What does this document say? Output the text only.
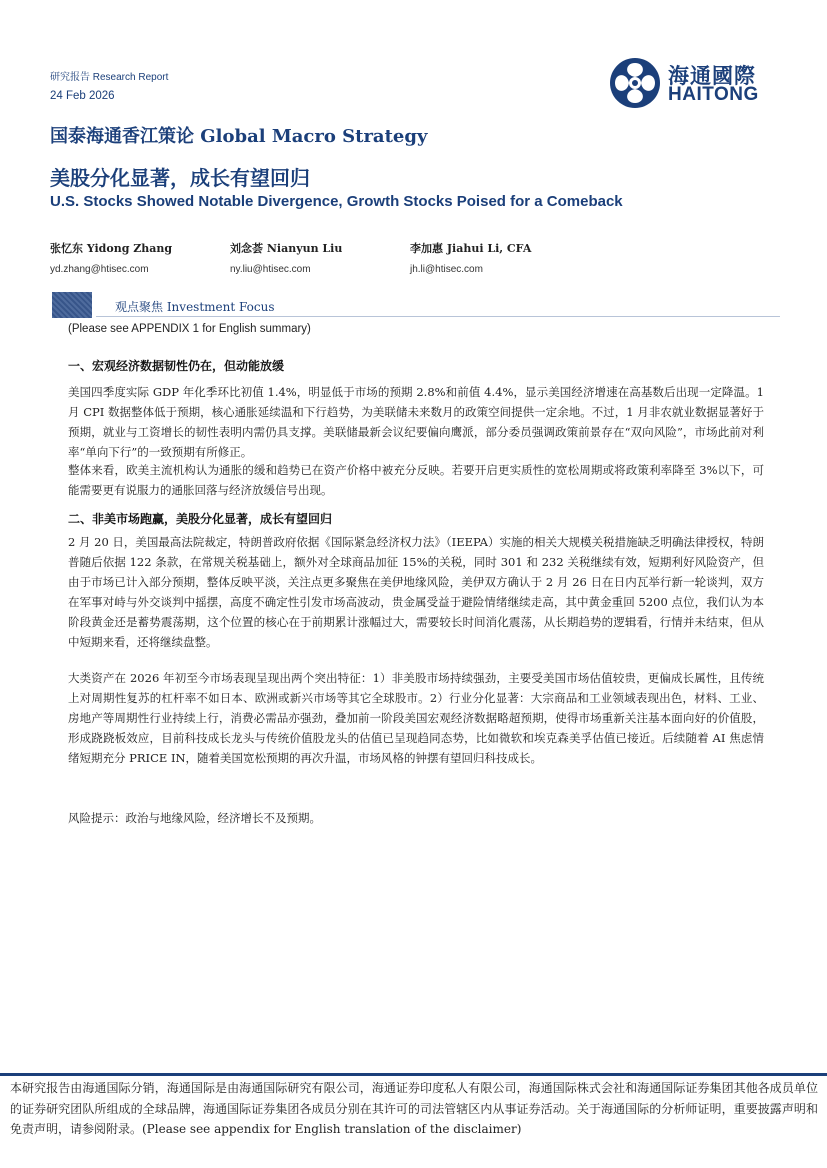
研究报告 Research Report
24 Feb 2026
海通國際
HAITONG
国泰海通香江策论 Global Macro Strategy
美股分化显著，成长有望回归
U.S. Stocks Showed Notable Divergence, Growth Stocks Poised for a Comeback
张忆东 Yidong Zhang
yd.zhang@htisec.com
刘念荟 Nianyun Liu
ny.liu@htisec.com
李加惠 Jiahui Li, CFA
jh.li@htisec.com
观点聚焦 Investment Focus
(Please see APPENDIX 1 for English summary)
一、宏观经济数据韧性仍在，但动能放缓

美国四季度实际 GDP 年化季环比初值 1.4%，明显低于市场的预期 2.8%和前值 4.4%，显示美国经济增速在高基数后出现一定降温。1 月 CPI 数据整体低于预期，核心通胀延续温和下行趋势，为美联储未来数月的政策空间提供一定余地。不过，1 月非农就业数据显著好于预期，就业与工资增长的韧性表明内需仍具支撑。美联储最新会议纪要偏向鹰派，部分委员强调政策前景存在“双向风险”，市场此前对利率“单向下行”的一致预期有所修正。

整体来看，欧美主流机构认为通胀的缓和趋势已在资产价格中被充分反映。若要开启更实质性的宽松周期或将政策利率降至 3%以下，可能需要更有说服力的通胀回落与经济放缓信号出现。

二、非美市场跑赢，美股分化显著，成长有望回归

2 月 20 日，美国最高法院裁定，特朗普政府依据《国际紧急经济权力法》（IEEPA）实施的相关大规模关税措施缺乏明确法律授权，特朗普随后依据 122 条款，在常规关税基础上，额外对全球商品加征 15%的关税，同时 301 和 232 关税继续有效，短期利好风险资产，但由于市场已计入部分预期，整体反映平淡，关注点更多聚焦在美伊地缘风险，美伊双方确认于 2 月 26 日在日内瓦举行新一轮谈判，双方在军事对峙与外交谈判中摇摆，高度不确定性引发市场高波动，贵金属受益于避险情绪继续走高，其中黄金重回 5200 点位，我们认为本阶段黄金还是蓄势震荡期，这个位置的核心在于前期累计涨幅过大，需要较长时间消化震荡，从长期趋势的逻辑看，行情并未结束，但从中短期来看，还将继续盘整。

大类资产在 2026 年初至今市场表现呈现出两个突出特征：1）非美股市场持续强劲，主要受美国市场估值较贵，更偏成长属性，且传统上对周期性复苏的杠杆率不如日本、欧洲或新兴市场等其它全球股市。2）行业分化显著：大宗商品和工业领域表现出色，材料、工业、房地产等周期性行业持续上行，消费必需品亦强劲，叠加前一阶段美国宏观经济数据略超预期，使得市场重新关注基本面向好的价值股，形成跷跷板效应，目前科技成长龙头与传统价值股龙头的估值已呈现趋同态势，比如微软和埃克森美孚估值已接近。后续随着 AI 焦虑情绪短期充分 PRICE IN，随着美国宽松预期的再次升温，市场风格的钟摆有望回归科技成长。

风险提示：政治与地缘风险，经济增长不及预期。

本研究报告由海通国际分销，海通国际是由海通国际研究有限公司，海通证券印度私人有限公司，海通国际株式会社和海通国际证券集团其他各成员单位的证券研究团队所组成的全球品牌，海通国际证券集团各成员分别在其许可的司法管辖区内从事证券活动。关于海通国际的分析师证明，重要披露声明和免责声明，请参阅附录。(Please see appendix for English translation of the disclaimer)
